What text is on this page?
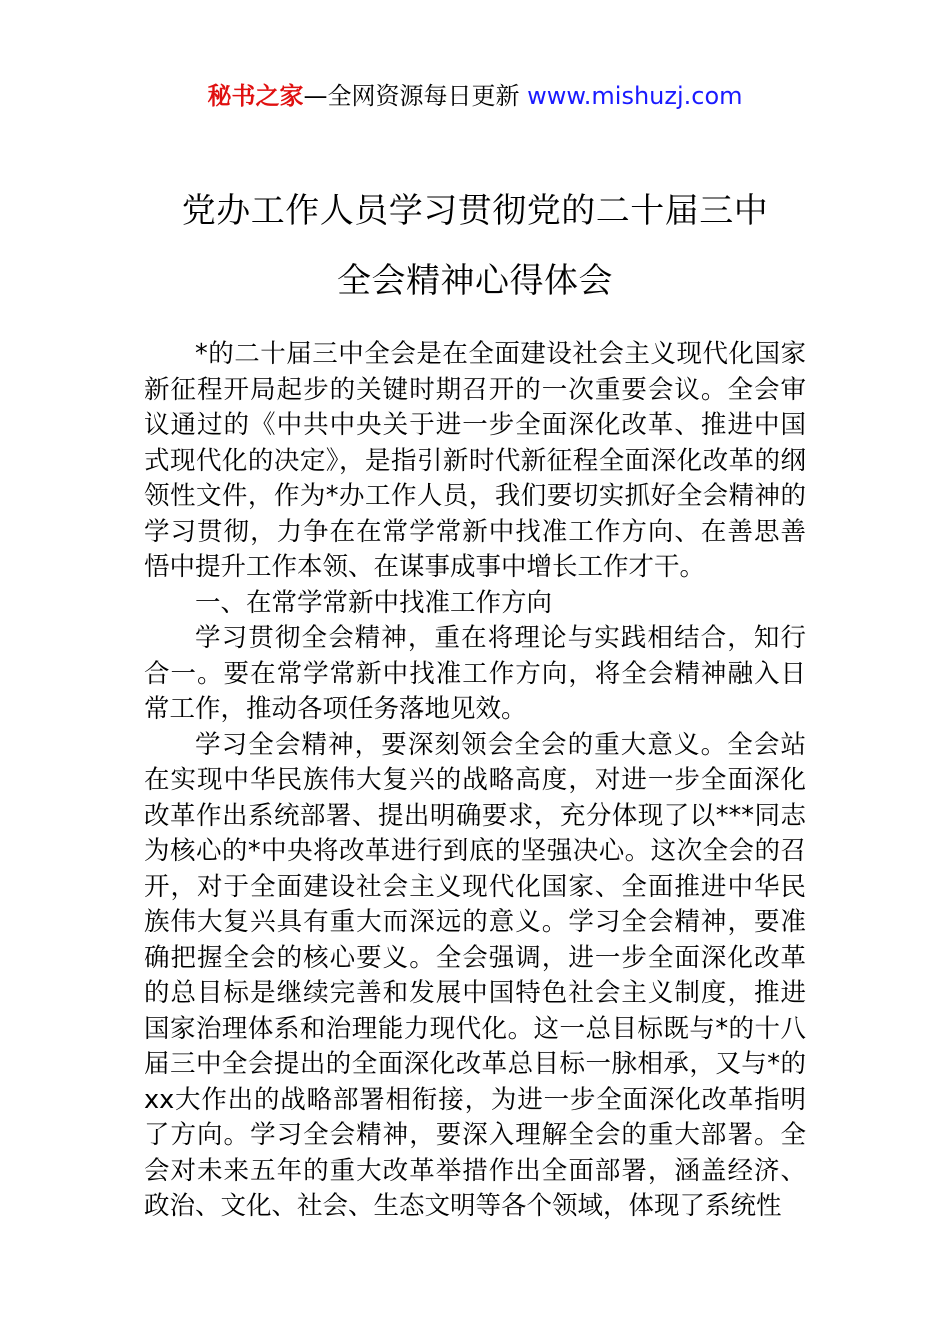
秘书之家—全网资源每日更新 www.mishuzj.com
党办工作人员学习贯彻党的二十届三中
全会精神心得体会

*的二十届三中全会是在全面建设社会主义现代化国家新征程开局起步的关键时期召开的一次重要会议。全会审议通过的《中共中央关于进一步全面深化改革、推进中国式现代化的决定》，是指引新时代新征程全面深化改革的纲领性文件，作为*办工作人员，我们要切实抓好全会精神的学习贯彻，力争在在常学常新中找准工作方向、在善思善悟中提升工作本领、在谋事成事中增长工作才干。

一、在常学常新中找准工作方向

学习贯彻全会精神，重在将理论与实践相结合，知行合一。要在常学常新中找准工作方向，将全会精神融入日常工作，推动各项任务落地见效。

学习全会精神，要深刻领会全会的重大意义。全会站在实现中华民族伟大复兴的战略高度，对进一步全面深化改革作出系统部署、提出明确要求，充分体现了以***同志为核心的*中央将改革进行到底的坚强决心。这次全会的召开，对于全面建设社会主义现代化国家、全面推进中华民族伟大复兴具有重大而深远的意义。学习全会精神，要准确把握全会的核心要义。全会强调，进一步全面深化改革的总目标是继续完善和发展中国特色社会主义制度，推进国家治理体系和治理能力现代化。这一总目标既与*的十八届三中全会提出的全面深化改革总目标一脉相承，又与*的xx大作出的战略部署相衔接，为进一步全面深化改革指明了方向。学习全会精神，要深入理解全会的重大部署。全会对未来五年的重大改革举措作出全面部署，涵盖经济、政治、文化、社会、生态文明等各个领域，体现了系统性
